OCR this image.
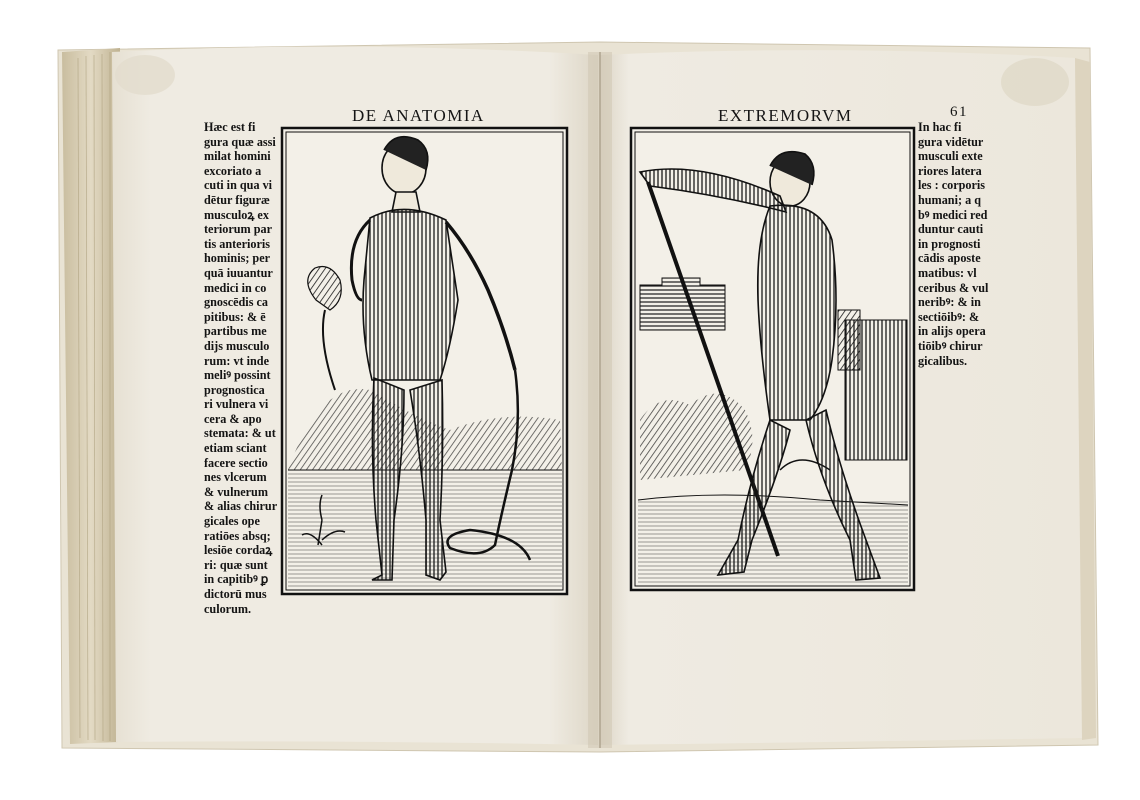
DE ANATOMIA	EXTREMORVM	61
Hæc est fi
gura quæ assi
milat homini
excoriato a
cuti in qua vi
dētur figuræ
musculoꝝ ex
teriorum par
tis anterioris
hominis; per
quā iuuantur
medici in co
gnoscēdis ca
pitibus: & ē
partibus me
dijs musculo
rum: vt inde
meliꝰ possint
prognostica
ri vulnera vi
cera & apo
stemata: & ut
etiam sciant
facere sectio
nes vlcerum
& vulnerum
& alias chirur
gicales ope
ratiōes absq;
lesiōe cordaꝝ
ri: quæ sunt
in capitibꝰ ꝑ
dictorū mus
culorum.
In hac fi
gura vidētur
musculi exte
riores latera
les : corporis
humani; a q
bꝰ medici red
duntur cauti
in prognosti
cādis aposte
matibus: vl
ceribus & vul
neribꝰ: & in
sectiōibꝰ: &
in alijs opera
tiōibꝰ chirur
gicalibus.
